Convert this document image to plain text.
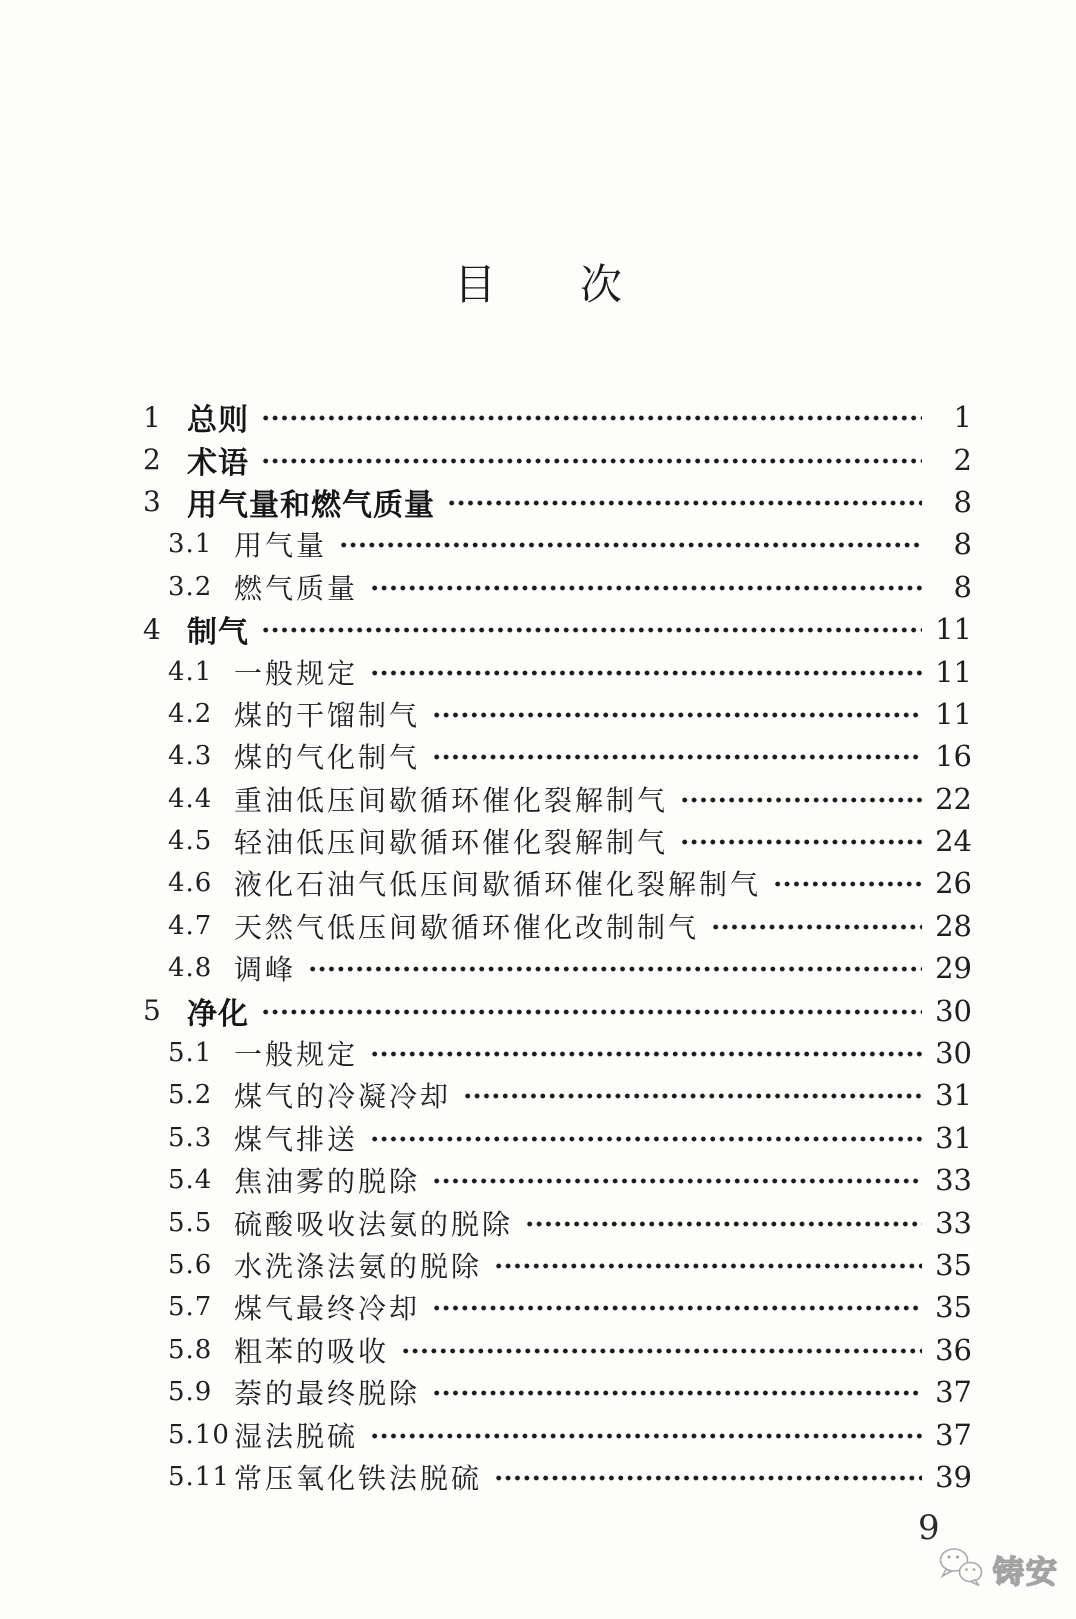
目 次
1 总则	1
2 术语	2
3 用气量和燃气质量	8
3.1 用气量	8
3.2 燃气质量	8
4 制气	11
4.1 一般规定	11
4.2 煤的干馏制气	11
4.3 煤的气化制气	16
4.4 重油低压间歇循环催化裂解制气	22
4.5 轻油低压间歇循环催化裂解制气	24
4.6 液化石油气低压间歇循环催化裂解制气	26
4.7 天然气低压间歇循环催化改制制气	28
4.8 调峰	29
5 净化	30
5.1 一般规定	30
5.2 煤气的冷凝冷却	31
5.3 煤气排送	31
5.4 焦油雾的脱除	33
5.5 硫酸吸收法氨的脱除	33
5.6 水洗涤法氨的脱除	35
5.7 煤气最终冷却	35
5.8 粗苯的吸收	36
5.9 萘的最终脱除	37
5.10 湿法脱硫	37
5.11 常压氧化铁法脱硫	39
9
铸安
